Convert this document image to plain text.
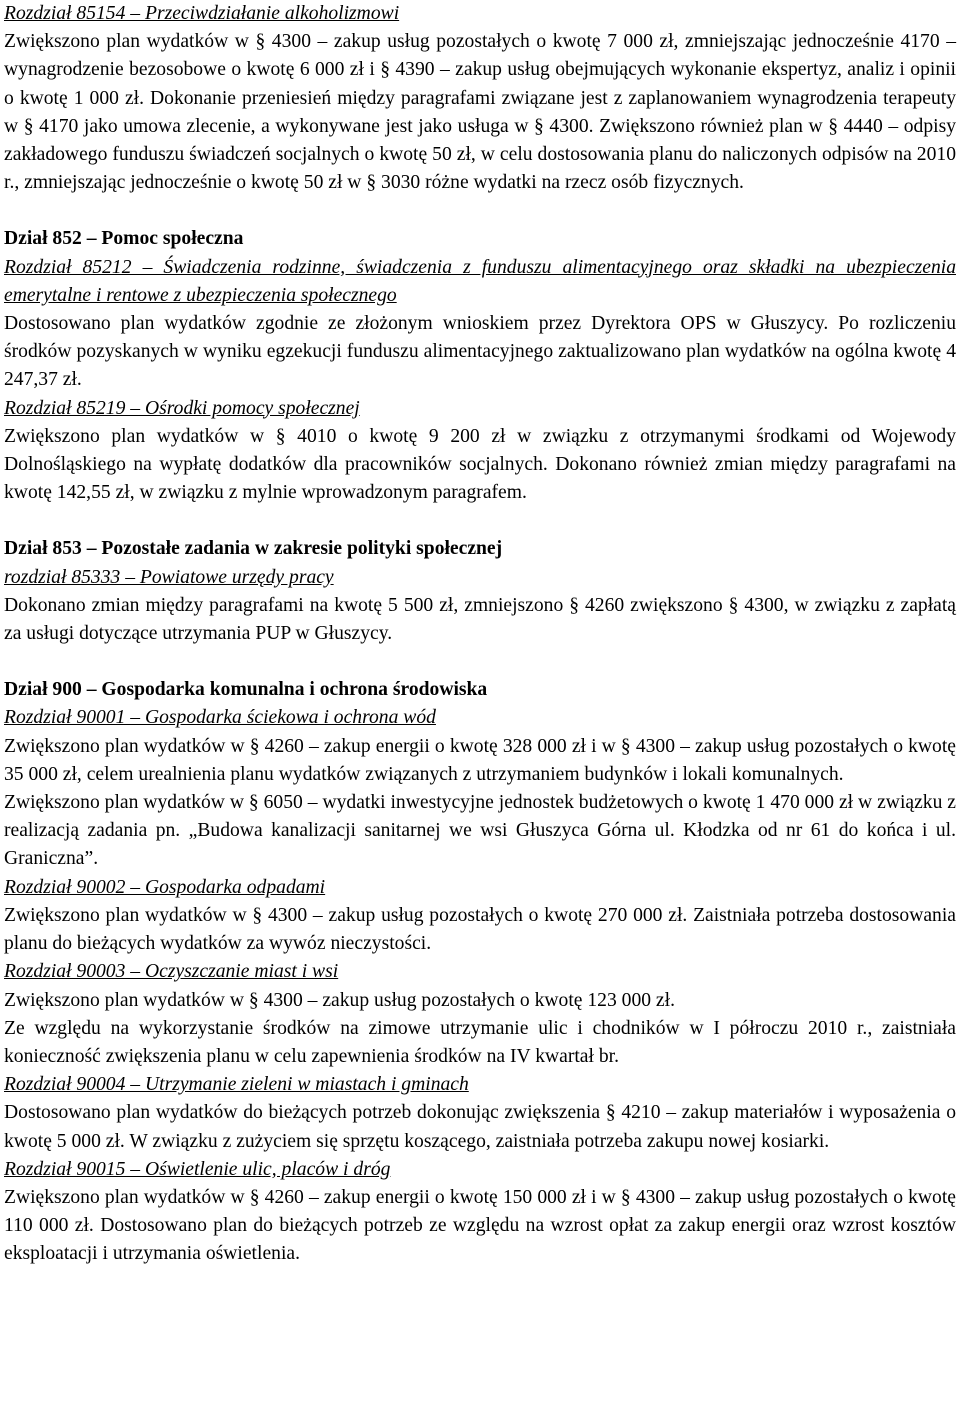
Rozdział 85154 – Przeciwdziałanie alkoholizmowi

Zwiększono plan wydatków w § 4300 – zakup usług pozostałych o kwotę 7 000 zł, zmniejszając jednocześnie 4170 – wynagrodzenie bezosobowe o kwotę 6 000 zł i § 4390 – zakup usług obejmujących wykonanie ekspertyz, analiz i opinii o kwotę 1 000 zł. Dokonanie przeniesień między paragrafami związane jest z zaplanowaniem wynagrodzenia terapeuty w § 4170 jako umowa zlecenie, a wykonywane jest jako usługa w § 4300. Zwiększono również plan w § 4440 – odpisy zakładowego funduszu świadczeń socjalnych o kwotę 50 zł, w celu dostosowania planu do naliczonych odpisów na 2010 r., zmniejszając jednocześnie o kwotę 50 zł w § 3030 różne wydatki na rzecz osób fizycznych.

Dział 852 – Pomoc społeczna

Rozdział 85212 – Świadczenia rodzinne, świadczenia z funduszu alimentacyjnego oraz składki na ubezpieczenia emerytalne i rentowe z ubezpieczenia społecznego

Dostosowano plan wydatków zgodnie ze złożonym wnioskiem przez Dyrektora OPS w Głuszycy. Po rozliczeniu środków pozyskanych w wyniku egzekucji funduszu alimentacyjnego zaktualizowano plan wydatków na ogólna kwotę 4 247,37 zł.

Rozdział 85219 – Ośrodki pomocy społecznej

Zwiększono plan wydatków w § 4010 o kwotę 9 200 zł w związku z otrzymanymi środkami od Wojewody Dolnośląskiego na wypłatę dodatków dla pracowników socjalnych. Dokonano również zmian między paragrafami na kwotę 142,55 zł, w związku z mylnie wprowadzonym paragrafem.

Dział 853 – Pozostałe zadania w zakresie polityki społecznej

rozdział 85333 – Powiatowe urzędy pracy

Dokonano zmian między paragrafami na kwotę 5 500 zł, zmniejszono § 4260 zwiększono § 4300, w związku z zapłatą za usługi dotyczące utrzymania PUP w Głuszycy.

Dział 900 – Gospodarka komunalna i ochrona środowiska

Rozdział 90001 – Gospodarka ściekowa i ochrona wód

Zwiększono plan wydatków w § 4260 – zakup energii o kwotę 328 000 zł i w § 4300 – zakup usług pozostałych o kwotę 35 000 zł, celem urealnienia planu wydatków związanych z utrzymaniem budynków i lokali komunalnych.

Zwiększono plan wydatków w § 6050 – wydatki inwestycyjne jednostek budżetowych o kwotę 1 470 000 zł w związku z realizacją zadania pn. „Budowa kanalizacji sanitarnej we wsi Głuszyca Górna ul. Kłodzka od nr 61 do końca i ul. Graniczna”.

Rozdział 90002 – Gospodarka odpadami

Zwiększono plan wydatków w § 4300 – zakup usług pozostałych o kwotę 270 000 zł. Zaistniała potrzeba dostosowania planu do bieżących wydatków za wywóz nieczystości.

Rozdział 90003 – Oczyszczanie miast i wsi

Zwiększono plan wydatków w § 4300 – zakup usług pozostałych o kwotę 123 000 zł.

Ze względu na wykorzystanie środków na zimowe utrzymanie ulic i chodników w I półroczu 2010 r., zaistniała konieczność zwiększenia planu w celu zapewnienia środków na IV kwartał br.

Rozdział 90004 – Utrzymanie zieleni w miastach i gminach

Dostosowano plan wydatków do bieżących potrzeb dokonując zwiększenia § 4210 – zakup materiałów i wyposażenia o kwotę 5 000 zł. W związku z zużyciem się sprzętu koszącego, zaistniała potrzeba zakupu nowej kosiarki.

Rozdział 90015 – Oświetlenie ulic, placów i dróg

Zwiększono plan wydatków w § 4260 – zakup energii o kwotę 150 000 zł i w § 4300 – zakup usług pozostałych o kwotę 110 000 zł. Dostosowano plan do bieżących potrzeb ze względu na wzrost opłat za zakup energii oraz wzrost kosztów eksploatacji i utrzymania oświetlenia.
